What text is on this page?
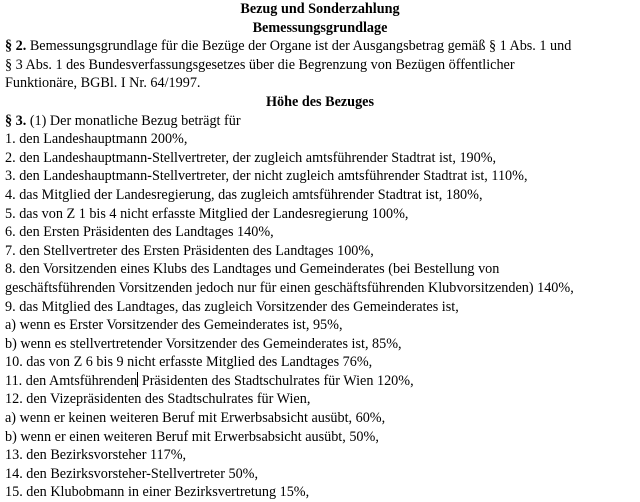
Bezug und Sonderzahlung
Bemessungsgrundlage
§ 2. Bemessungsgrundlage für die Bezüge der Organe ist der Ausgangsbetrag gemäß § 1 Abs. 1 und
§ 3 Abs. 1 des Bundesverfassungsgesetzes über die Begrenzung von Bezügen öffentlicher
Funktionäre, BGBl. I Nr. 64/1997.
Höhe des Bezuges
§ 3. (1) Der monatliche Bezug beträgt für
1. den Landeshauptmann 200%,
2. den Landeshauptmann-Stellvertreter, der zugleich amtsführender Stadtrat ist, 190%,
3. den Landeshauptmann-Stellvertreter, der nicht zugleich amtsführender Stadtrat ist, 110%,
4. das Mitglied der Landesregierung, das zugleich amtsführender Stadtrat ist, 180%,
5. das von Z 1 bis 4 nicht erfasste Mitglied der Landesregierung 100%,
6. den Ersten Präsidenten des Landtages 140%,
7. den Stellvertreter des Ersten Präsidenten des Landtages 100%,
8. den Vorsitzenden eines Klubs des Landtages und Gemeinderates (bei Bestellung von
geschäftsführenden Vorsitzenden jedoch nur für einen geschäftsführenden Klubvorsitzenden) 140%,
9. das Mitglied des Landtages, das zugleich Vorsitzender des Gemeinderates ist,
a) wenn es Erster Vorsitzender des Gemeinderates ist, 95%,
b) wenn es stellvertretender Vorsitzender des Gemeinderates ist, 85%,
10. das von Z 6 bis 9 nicht erfasste Mitglied des Landtages 76%,
11. den Amtsführenden Präsidenten des Stadtschulrates für Wien 120%,
12. den Vizepräsidenten des Stadtschulrates für Wien,
a) wenn er keinen weiteren Beruf mit Erwerbsabsicht ausübt, 60%,
b) wenn er einen weiteren Beruf mit Erwerbsabsicht ausübt, 50%,
13. den Bezirksvorsteher 117%,
14. den Bezirksvorsteher-Stellvertreter 50%,
15. den Klubobmann in einer Bezirksvertretung 15%,
